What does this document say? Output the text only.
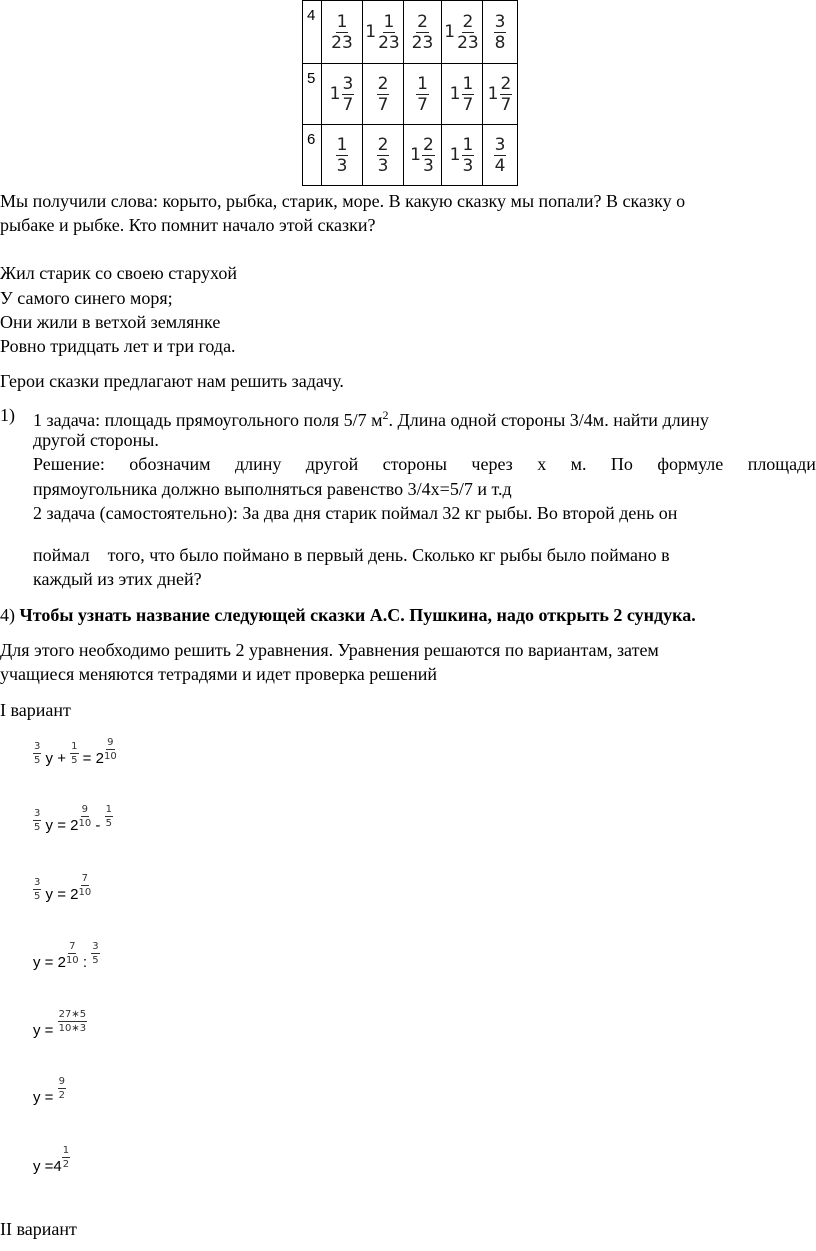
4	$\frac{1}{23}$	$1 \frac{1}{23}$	$\frac{2}{23}$	$1 \frac{2}{23}$	$\frac{3}{8}$

5	$1 \frac{3}{7}$	$\frac{2}{7}$	$\frac{1}{7}$	$1 \frac{1}{7}$	$1 \frac{2}{7}$

6	$\frac{1}{3}$	$\frac{2}{3}$	$1 \frac{2}{3}$	$1 \frac{1}{3}$	$\frac{3}{4}$
Мы получили слова: корыто, рыбка, старик, море. В какую сказку мы попали? В сказку о
рыбаке и рыбке. Кто помнит начало этой сказки?
Жил старик со своею старухой
У самого синего моря;
Они жили в ветхой землянке
Ровно тридцать лет и три года.
Герои сказки предлагают нам решить задачу.
1) 1 задача: площадь прямоугольного поля 5/7 $м^2$. Длина одной стороны 3/4м. найти длину
другой стороны.
Решение: обозначим длину другой стороны через х м. По формуле площади
прямоугольника должно выполняться равенство 3/4х=5/7 и т.д
2 задача (самостоятельно): За два дня старик поймал 32 кг рыбы. Во второй день он
поймал    того, что было поймано в первый день. Сколько кг рыбы было поймано в
каждый из этих дней?
4) Чтобы узнать название следующей сказки А.С. Пушкина, надо открыть 2 сундука.
Для этого необходимо решить 2 уравнения. Уравнения решаются по вариантам, затем
учащиеся меняются тетрадями и идет проверка решений
I вариант
$\frac{3}{5}$ $y + \frac{1}{5} = 2 \frac{9}{10}$
$\frac{3}{5}$ $y = 2 \frac{9}{10} - \frac{1}{5}$
$\frac{3}{5}$ $y = 2 \frac{7}{10}$
$y = 2 \frac{7}{10}$ : $\frac{3}{5}$
$y = \frac{27∗5}{10∗3}$
$y = \frac{9}{2}$
$y =4 \frac{1}{2}$
II вариант
